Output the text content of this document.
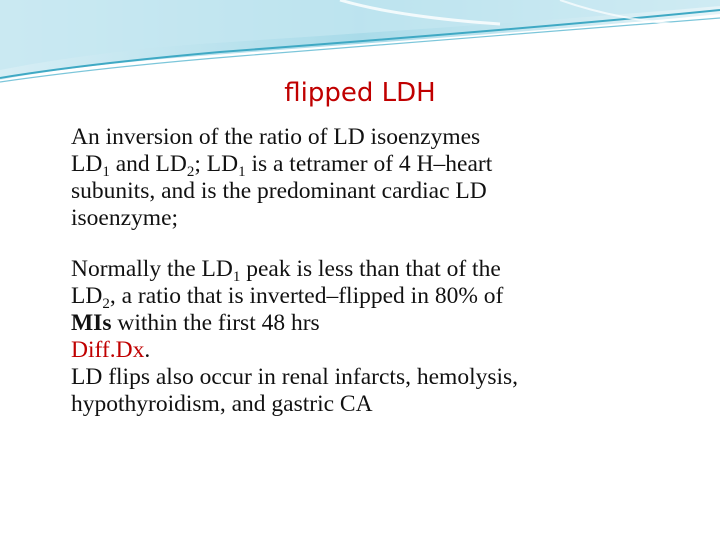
flipped LDH

An inversion of the ratio of LD isoenzymes
$LD_1$ and $LD_2$; $LD_1$ is a tetramer of 4 H–heart
subunits, and is the predominant cardiac LD
isoenzyme;

Normally the $LD_1$ peak is less than that of the
$LD_2$, a ratio that is inverted–flipped in 80% of
MIs within the first 48 hrs
Diff.Dx.
LD flips also occur in renal infarcts, hemolysis,
hypothyroidism, and gastric CA
